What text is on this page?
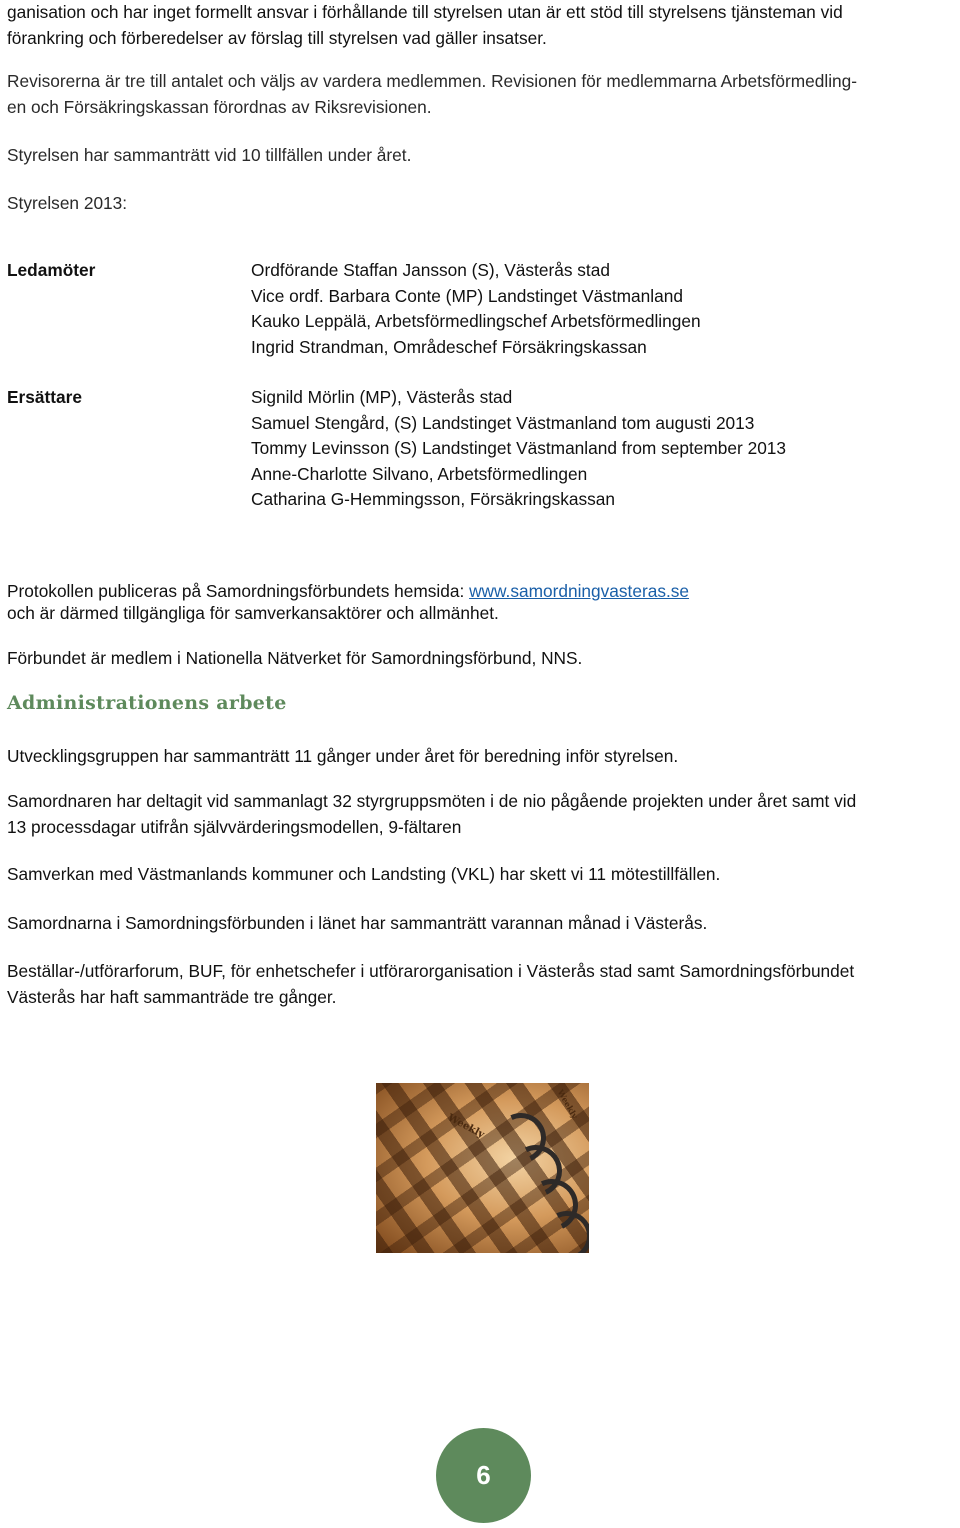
ganisation och har inget formellt ansvar i förhållande till styrelsen utan är ett stöd till styrelsens tjänsteman vid

förankring och förberedelser av förslag till styrelsen vad gäller insatser.

Revisorerna är tre till antalet och väljs av vardera medlemmen. Revisionen för medlemmarna Arbetsförmedling-

en och Försäkringskassan förordnas av Riksrevisionen.

Styrelsen har sammanträtt vid 10 tillfällen under året.

Styrelsen 2013:

Ledamöter	Ordförande Staffan Jansson (S), Västerås stad
Vice ordf. Barbara Conte (MP) Landstinget Västmanland
Kauko Leppälä, Arbetsförmedlingschef Arbetsförmedlingen
Ingrid Strandman, Områdeschef Försäkringskassan
Ersättare	Signild Mörlin (MP), Västerås stad
Samuel Stengård, (S) Landstinget Västmanland tom augusti 2013
Tommy Levinsson (S) Landstinget Västmanland from september 2013
Anne-Charlotte Silvano, Arbetsförmedlingen
Catharina G-Hemmingsson, Försäkringskassan

Protokollen publiceras på Samordningsförbundets hemsida: www.samordningvasteras.se

och är därmed tillgängliga för samverkansaktörer och allmänhet.

Förbundet är medlem i Nationella Nätverket för Samordningsförbund, NNS.

Administrationens arbete

Utvecklingsgruppen har sammanträtt 11 gånger under året för beredning inför styrelsen.

Samordnaren har deltagit vid sammanlagt 32 styrgruppsmöten i de nio pågående projekten under året samt vid

13 processdagar utifrån självvärderingsmodellen, 9-fältaren

Samverkan med Västmanlands kommuner och Landsting (VKL) har skett vi 11 mötestillfällen.

Samordnarna i Samordningsförbunden i länet har sammanträtt varannan månad i Västerås.

Beställar-/utförarforum, BUF, för enhetschefer i utförarorganisation i Västerås stad samt Samordningsförbundet

Västerås har haft sammanträde tre gånger.

Weekly
Weekly
6
